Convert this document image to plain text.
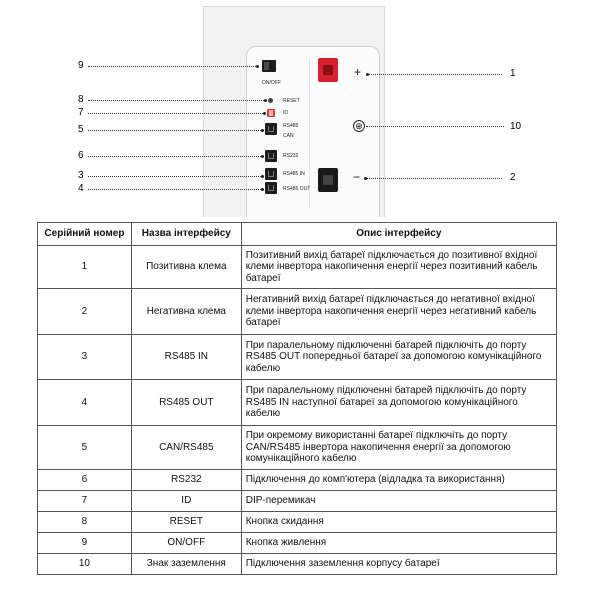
ON/OFF
RESET
ID
RS485
CAN
RS232
RS485 IN
RS485 OUT
+
⊕
−
9
8
7
5
6
3
4
1
10
2
Серійний номер	Назва інтерфейсу	Опис інтерфейсу
1	Позитивна клема	Позитивний вихід батареї підключається до позитивної вхідної клеми інвертора накопичення енергії через позитивний кабель батареї
2	Негативна клема	Негативний вихід батареї підключається до негативної вхідної клеми інвертора накопичення енергії через негативний кабель батареї
3	RS485 IN	При паралельному підключенні батарей підключіть до порту RS485 OUT попередньої батареї за допомогою комунікаційного кабелю
4	RS485 OUT	При паралельному підключенні батарей підключіть до порту RS485 IN наступної батареї за допомогою комунікаційного кабелю
5	CAN/RS485	При окремому використанні батареї підключіть до порту CAN/RS485 інвертора накопичення енергії за допомогою комунікаційного кабелю
6	RS232	Підключення до комп'ютера (відладка та використання)
7	ID	DIP-перемикач
8	RESET	Кнопка скидання
9	ON/OFF	Кнопка живлення
10	Знак заземлення	Підключення заземлення корпусу батареї
